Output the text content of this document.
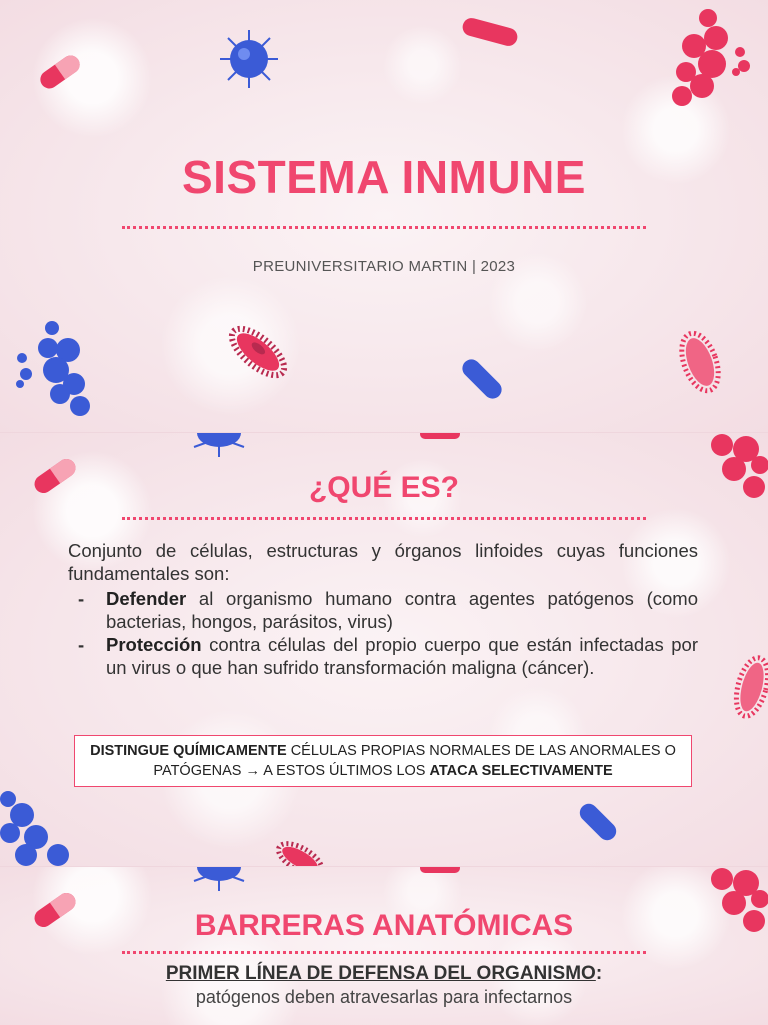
SISTEMA INMUNE
PREUNIVERSITARIO MARTIN | 2023
¿QUÉ ES?
Conjunto de células, estructuras y órganos linfoides cuyas funciones fundamentales son:
- Defender al organismo humano contra agentes patógenos (como bacterias, hongos, parásitos, virus)
- Protección contra células del propio cuerpo que están infectadas por un virus o que han sufrido transformación maligna (cáncer).
DISTINGUE QUÍMICAMENTE CÉLULAS PROPIAS NORMALES DE LAS ANORMALES O PATÓGENAS → A ESTOS ÚLTIMOS LOS ATACA SELECTIVAMENTE
BARRERAS ANATÓMICAS
PRIMER LÍNEA DE DEFENSA DEL ORGANISMO:
patógenos deben atravesarlas para infectarnos
